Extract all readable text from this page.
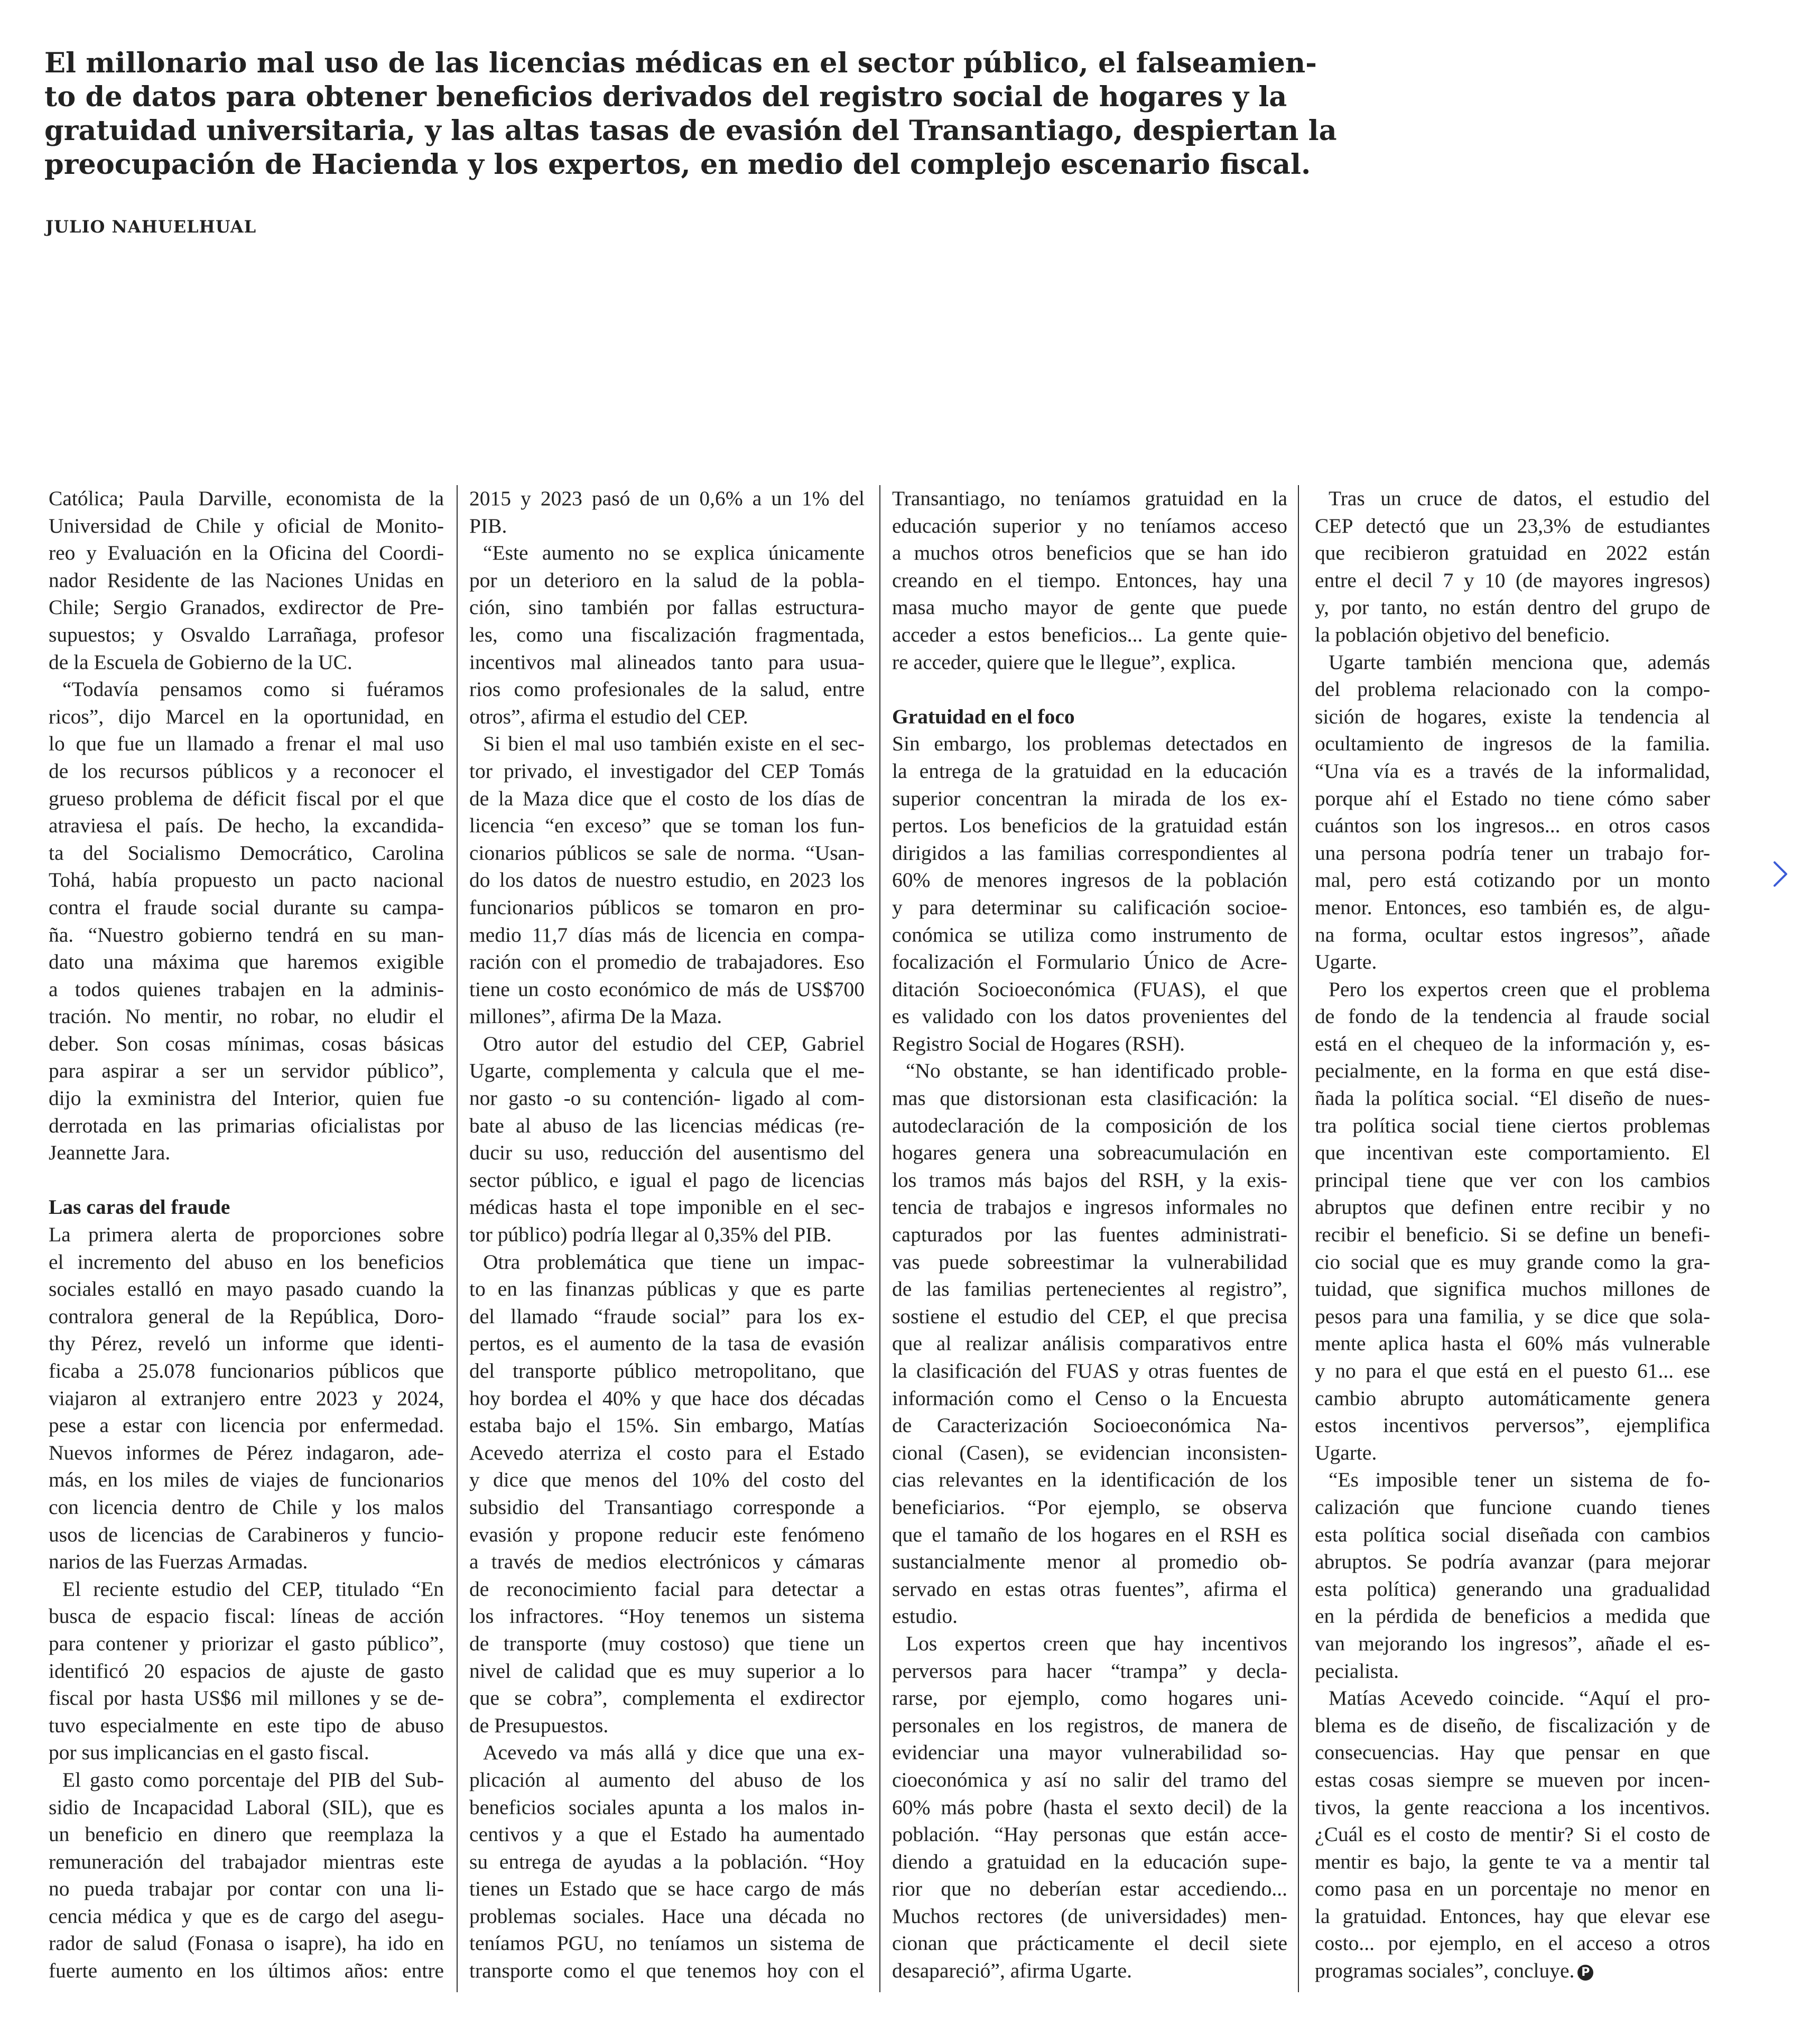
El millonario mal uso de las licencias médicas en el sector público, el falseamien-
to de datos para obtener beneficios derivados del registro social de hogares y la
gratuidad universitaria, y las altas tasas de evasión del Transantiago, despiertan la
preocupación de Hacienda y los expertos, en medio del complejo escenario fiscal.
JULIO NAHUELHUAL
Católica; Paula Darville, economista de la
Universidad de Chile y oficial de Monito-
reo y Evaluación en la Oficina del Coordi-
nador Residente de las Naciones Unidas en
Chile; Sergio Granados, exdirector de Pre-
supuestos; y Osvaldo Larrañaga, profesor
de la Escuela de Gobierno de la UC.
“Todavía pensamos como si fuéramos
ricos”, dijo Marcel en la oportunidad, en
lo que fue un llamado a frenar el mal uso
de los recursos públicos y a reconocer el
grueso problema de déficit fiscal por el que
atraviesa el país. De hecho, la excandida-
ta del Socialismo Democrático, Carolina
Tohá, había propuesto un pacto nacional
contra el fraude social durante su campa-
ña. “Nuestro gobierno tendrá en su man-
dato una máxima que haremos exigible
a todos quienes trabajen en la adminis-
tración. No mentir, no robar, no eludir el
deber. Son cosas mínimas, cosas básicas
para aspirar a ser un servidor público”,
dijo la exministra del Interior, quien fue
derrotada en las primarias oficialistas por
Jeannette Jara.
Las caras del fraude
La primera alerta de proporciones sobre
el incremento del abuso en los beneficios
sociales estalló en mayo pasado cuando la
contralora general de la República, Doro-
thy Pérez, reveló un informe que identi-
ficaba a 25.078 funcionarios públicos que
viajaron al extranjero entre 2023 y 2024,
pese a estar con licencia por enfermedad.
Nuevos informes de Pérez indagaron, ade-
más, en los miles de viajes de funcionarios
con licencia dentro de Chile y los malos
usos de licencias de Carabineros y funcio-
narios de las Fuerzas Armadas.
El reciente estudio del CEP, titulado “En
busca de espacio fiscal: líneas de acción
para contener y priorizar el gasto público”,
identificó 20 espacios de ajuste de gasto
fiscal por hasta US$6 mil millones y se de-
tuvo especialmente en este tipo de abuso
por sus implicancias en el gasto fiscal.
El gasto como porcentaje del PIB del Sub-
sidio de Incapacidad Laboral (SIL), que es
un beneficio en dinero que reemplaza la
remuneración del trabajador mientras este
no pueda trabajar por contar con una li-
cencia médica y que es de cargo del asegu-
rador de salud (Fonasa o isapre), ha ido en
fuerte aumento en los últimos años: entre
2015 y 2023 pasó de un 0,6% a un 1% del
PIB.
“Este aumento no se explica únicamente
por un deterioro en la salud de la pobla-
ción, sino también por fallas estructura-
les, como una fiscalización fragmentada,
incentivos mal alineados tanto para usua-
rios como profesionales de la salud, entre
otros”, afirma el estudio del CEP.
Si bien el mal uso también existe en el sec-
tor privado, el investigador del CEP Tomás
de la Maza dice que el costo de los días de
licencia “en exceso” que se toman los fun-
cionarios públicos se sale de norma. “Usan-
do los datos de nuestro estudio, en 2023 los
funcionarios públicos se tomaron en pro-
medio 11,7 días más de licencia en compa-
ración con el promedio de trabajadores. Eso
tiene un costo económico de más de US$700
millones”, afirma De la Maza.
Otro autor del estudio del CEP, Gabriel
Ugarte, complementa y calcula que el me-
nor gasto -o su contención- ligado al com-
bate al abuso de las licencias médicas (re-
ducir su uso, reducción del ausentismo del
sector público, e igual el pago de licencias
médicas hasta el tope imponible en el sec-
tor público) podría llegar al 0,35% del PIB.
Otra problemática que tiene un impac-
to en las finanzas públicas y que es parte
del llamado “fraude social” para los ex-
pertos, es el aumento de la tasa de evasión
del transporte público metropolitano, que
hoy bordea el 40% y que hace dos décadas
estaba bajo el 15%. Sin embargo, Matías
Acevedo aterriza el costo para el Estado
y dice que menos del 10% del costo del
subsidio del Transantiago corresponde a
evasión y propone reducir este fenómeno
a través de medios electrónicos y cámaras
de reconocimiento facial para detectar a
los infractores. “Hoy tenemos un sistema
de transporte (muy costoso) que tiene un
nivel de calidad que es muy superior a lo
que se cobra”, complementa el exdirector
de Presupuestos.
Acevedo va más allá y dice que una ex-
plicación al aumento del abuso de los
beneficios sociales apunta a los malos in-
centivos y a que el Estado ha aumentado
su entrega de ayudas a la población. “Hoy
tienes un Estado que se hace cargo de más
problemas sociales. Hace una década no
teníamos PGU, no teníamos un sistema de
transporte como el que tenemos hoy con el
Transantiago, no teníamos gratuidad en la
educación superior y no teníamos acceso
a muchos otros beneficios que se han ido
creando en el tiempo. Entonces, hay una
masa mucho mayor de gente que puede
acceder a estos beneficios... La gente quie-
re acceder, quiere que le llegue”, explica.
Gratuidad en el foco
Sin embargo, los problemas detectados en
la entrega de la gratuidad en la educación
superior concentran la mirada de los ex-
pertos. Los beneficios de la gratuidad están
dirigidos a las familias correspondientes al
60% de menores ingresos de la población
y para determinar su calificación socioe-
conómica se utiliza como instrumento de
focalización el Formulario Único de Acre-
ditación Socioeconómica (FUAS), el que
es validado con los datos provenientes del
Registro Social de Hogares (RSH).
“No obstante, se han identificado proble-
mas que distorsionan esta clasificación: la
autodeclaración de la composición de los
hogares genera una sobreacumulación en
los tramos más bajos del RSH, y la exis-
tencia de trabajos e ingresos informales no
capturados por las fuentes administrati-
vas puede sobreestimar la vulnerabilidad
de las familias pertenecientes al registro”,
sostiene el estudio del CEP, el que precisa
que al realizar análisis comparativos entre
la clasificación del FUAS y otras fuentes de
información como el Censo o la Encuesta
de Caracterización Socioeconómica Na-
cional (Casen), se evidencian inconsisten-
cias relevantes en la identificación de los
beneficiarios. “Por ejemplo, se observa
que el tamaño de los hogares en el RSH es
sustancialmente menor al promedio ob-
servado en estas otras fuentes”, afirma el
estudio.
Los expertos creen que hay incentivos
perversos para hacer “trampa” y decla-
rarse, por ejemplo, como hogares uni-
personales en los registros, de manera de
evidenciar una mayor vulnerabilidad so-
cioeconómica y así no salir del tramo del
60% más pobre (hasta el sexto decil) de la
población. “Hay personas que están acce-
diendo a gratuidad en la educación supe-
rior que no deberían estar accediendo...
Muchos rectores (de universidades) men-
cionan que prácticamente el decil siete
desapareció”, afirma Ugarte.
Tras un cruce de datos, el estudio del
CEP detectó que un 23,3% de estudiantes
que recibieron gratuidad en 2022 están
entre el decil 7 y 10 (de mayores ingresos)
y, por tanto, no están dentro del grupo de
la población objetivo del beneficio.
Ugarte también menciona que, además
del problema relacionado con la compo-
sición de hogares, existe la tendencia al
ocultamiento de ingresos de la familia.
“Una vía es a través de la informalidad,
porque ahí el Estado no tiene cómo saber
cuántos son los ingresos... en otros casos
una persona podría tener un trabajo for-
mal, pero está cotizando por un monto
menor. Entonces, eso también es, de algu-
na forma, ocultar estos ingresos”, añade
Ugarte.
Pero los expertos creen que el problema
de fondo de la tendencia al fraude social
está en el chequeo de la información y, es-
pecialmente, en la forma en que está dise-
ñada la política social. “El diseño de nues-
tra política social tiene ciertos problemas
que incentivan este comportamiento. El
principal tiene que ver con los cambios
abruptos que definen entre recibir y no
recibir el beneficio. Si se define un benefi-
cio social que es muy grande como la gra-
tuidad, que significa muchos millones de
pesos para una familia, y se dice que sola-
mente aplica hasta el 60% más vulnerable
y no para el que está en el puesto 61... ese
cambio abrupto automáticamente genera
estos incentivos perversos”, ejemplifica
Ugarte.
“Es imposible tener un sistema de fo-
calización que funcione cuando tienes
esta política social diseñada con cambios
abruptos. Se podría avanzar (para mejorar
esta política) generando una gradualidad
en la pérdida de beneficios a medida que
van mejorando los ingresos”, añade el es-
pecialista.
Matías Acevedo coincide. “Aquí el pro-
blema es de diseño, de fiscalización y de
consecuencias. Hay que pensar en que
estas cosas siempre se mueven por incen-
tivos, la gente reacciona a los incentivos.
¿Cuál es el costo de mentir? Si el costo de
mentir es bajo, la gente te va a mentir tal
como pasa en un porcentaje no menor en
la gratuidad. Entonces, hay que elevar ese
costo... por ejemplo, en el acceso a otros
programas sociales”, concluye. P
